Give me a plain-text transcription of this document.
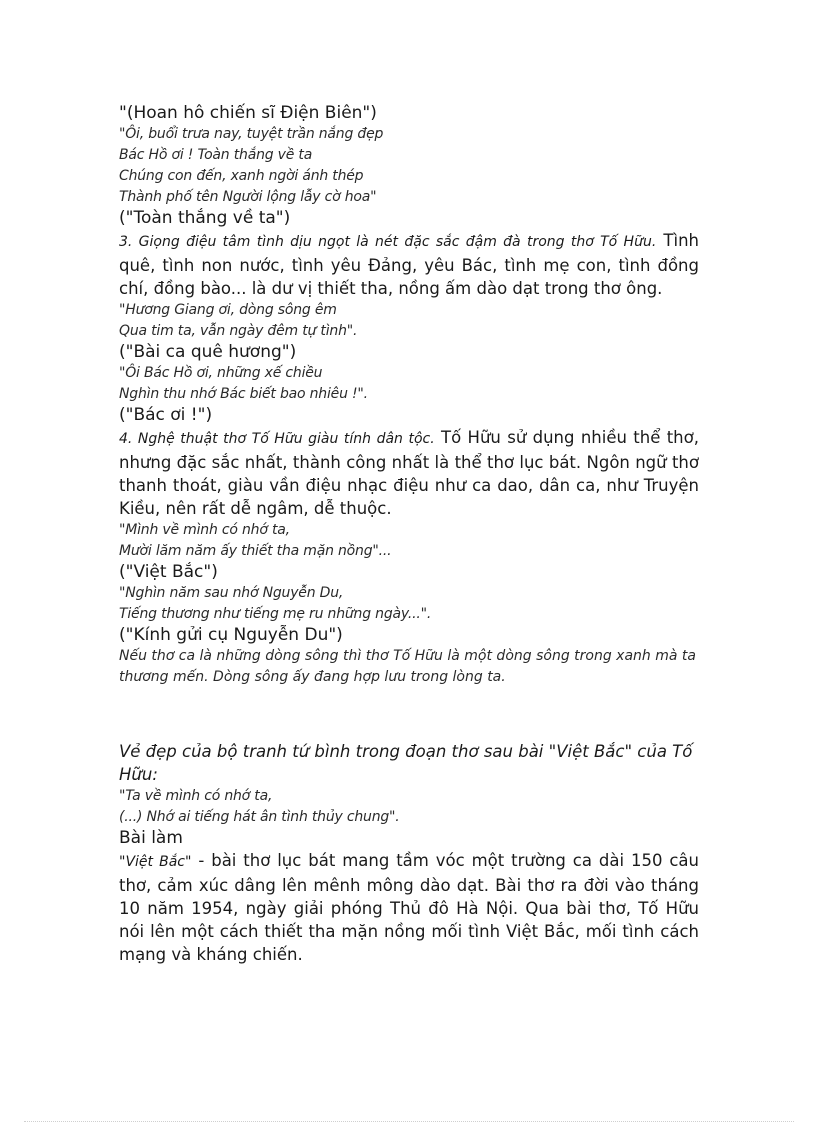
"(Hoan hô chiến sĩ Điện Biên")

"Ôi, buổi trưa nay, tuyệt trần nắng đẹp

Bác Hồ ơi ! Toàn thắng về ta

Chúng con đến, xanh ngời ánh thép

Thành phố tên Người lộng lẫy cờ hoa"

("Toàn thắng về ta")

3. Giọng điệu tâm tình dịu ngọt là nét đặc sắc đậm đà trong thơ Tố Hữu. Tình quê, tình non nước, tình yêu Đảng, yêu Bác, tình mẹ con, tình đồng chí, đồng bào... là dư vị thiết tha, nồng ấm dào dạt trong thơ ông.

"Hương Giang ơi, dòng sông êm

Qua tim ta, vẫn ngày đêm tự tình".

("Bài ca quê hương")

"Ôi Bác Hồ ơi, những xế chiều

Nghìn thu nhớ Bác biết bao nhiêu !".

("Bác ơi !")

4. Nghệ thuật thơ Tố Hữu giàu tính dân tộc. Tố Hữu sử dụng nhiều thể thơ, nhưng đặc sắc nhất, thành công nhất là thể thơ lục bát. Ngôn ngữ thơ thanh thoát, giàu vần điệu nhạc điệu như ca dao, dân ca, như Truyện Kiều, nên rất dễ ngâm, dễ thuộc.

"Mình về mình có nhớ ta,

Mười lăm năm ấy thiết tha mặn nồng"...

("Việt Bắc")

"Nghìn năm sau nhớ Nguyễn Du,

Tiếng thương như tiếng mẹ ru những ngày...".

("Kính gửi cụ Nguyễn Du")

Nếu thơ ca là những dòng sông thì thơ Tố Hữu là một dòng sông trong xanh mà ta thương mến. Dòng sông ấy đang hợp lưu trong lòng ta.

Vẻ đẹp của bộ tranh tứ bình trong đoạn thơ sau bài "Việt Bắc" của Tố Hữu:

"Ta về mình có nhớ ta,

(...) Nhớ ai tiếng hát ân tình thủy chung".

Bài làm

"Việt Bắc" - bài thơ lục bát mang tầm vóc một trường ca dài 150 câu thơ, cảm xúc dâng lên mênh mông dào dạt. Bài thơ ra đời vào tháng 10 năm 1954, ngày giải phóng Thủ đô Hà Nội. Qua bài thơ, Tố Hữu nói lên một cách thiết tha mặn nồng mối tình Việt Bắc, mối tình cách mạng và kháng chiến.
